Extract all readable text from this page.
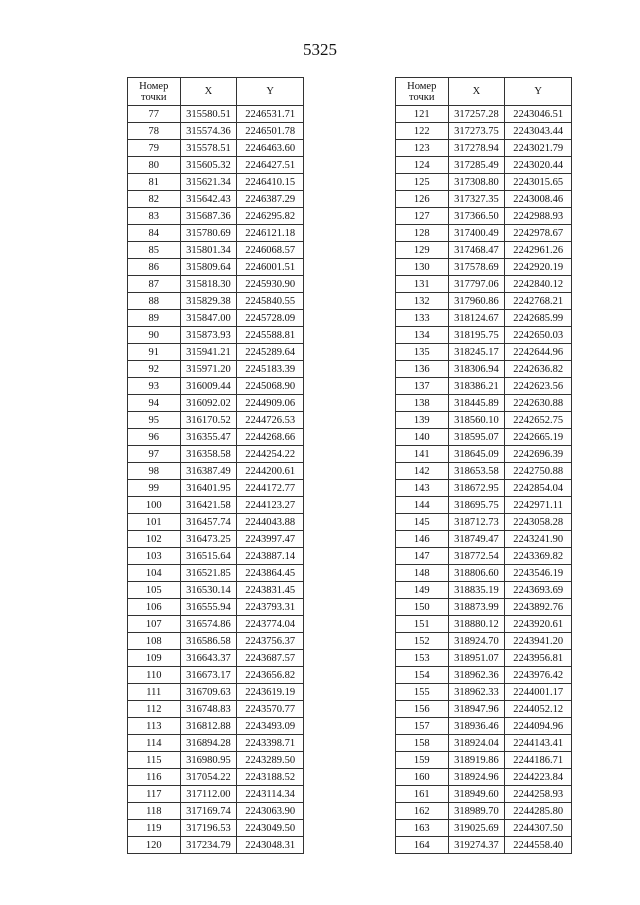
5325
Номер точки	X	Y
77	315580.51	2246531.71
78	315574.36	2246501.78
79	315578.51	2246463.60
80	315605.32	2246427.51
81	315621.34	2246410.15
82	315642.43	2246387.29
83	315687.36	2246295.82
84	315780.69	2246121.18
85	315801.34	2246068.57
86	315809.64	2246001.51
87	315818.30	2245930.90
88	315829.38	2245840.55
89	315847.00	2245728.09
90	315873.93	2245588.81
91	315941.21	2245289.64
92	315971.20	2245183.39
93	316009.44	2245068.90
94	316092.02	2244909.06
95	316170.52	2244726.53
96	316355.47	2244268.66
97	316358.58	2244254.22
98	316387.49	2244200.61
99	316401.95	2244172.77
100	316421.58	2244123.27
101	316457.74	2244043.88
102	316473.25	2243997.47
103	316515.64	2243887.14
104	316521.85	2243864.45
105	316530.14	2243831.45
106	316555.94	2243793.31
107	316574.86	2243774.04
108	316586.58	2243756.37
109	316643.37	2243687.57
110	316673.17	2243656.82
111	316709.63	2243619.19
112	316748.83	2243570.77
113	316812.88	2243493.09
114	316894.28	2243398.71
115	316980.95	2243289.50
116	317054.22	2243188.52
117	317112.00	2243114.34
118	317169.74	2243063.90
119	317196.53	2243049.50
120	317234.79	2243048.31
Номер точки	X	Y
121	317257.28	2243046.51
122	317273.75	2243043.44
123	317278.94	2243021.79
124	317285.49	2243020.44
125	317308.80	2243015.65
126	317327.35	2243008.46
127	317366.50	2242988.93
128	317400.49	2242978.67
129	317468.47	2242961.26
130	317578.69	2242920.19
131	317797.06	2242840.12
132	317960.86	2242768.21
133	318124.67	2242685.99
134	318195.75	2242650.03
135	318245.17	2242644.96
136	318306.94	2242636.82
137	318386.21	2242623.56
138	318445.89	2242630.88
139	318560.10	2242652.75
140	318595.07	2242665.19
141	318645.09	2242696.39
142	318653.58	2242750.88
143	318672.95	2242854.04
144	318695.75	2242971.11
145	318712.73	2243058.28
146	318749.47	2243241.90
147	318772.54	2243369.82
148	318806.60	2243546.19
149	318835.19	2243693.69
150	318873.99	2243892.76
151	318880.12	2243920.61
152	318924.70	2243941.20
153	318951.07	2243956.81
154	318962.36	2243976.42
155	318962.33	2244001.17
156	318947.96	2244052.12
157	318936.46	2244094.96
158	318924.04	2244143.41
159	318919.86	2244186.71
160	318924.96	2244223.84
161	318949.60	2244258.93
162	318989.70	2244285.80
163	319025.69	2244307.50
164	319274.37	2244558.40
